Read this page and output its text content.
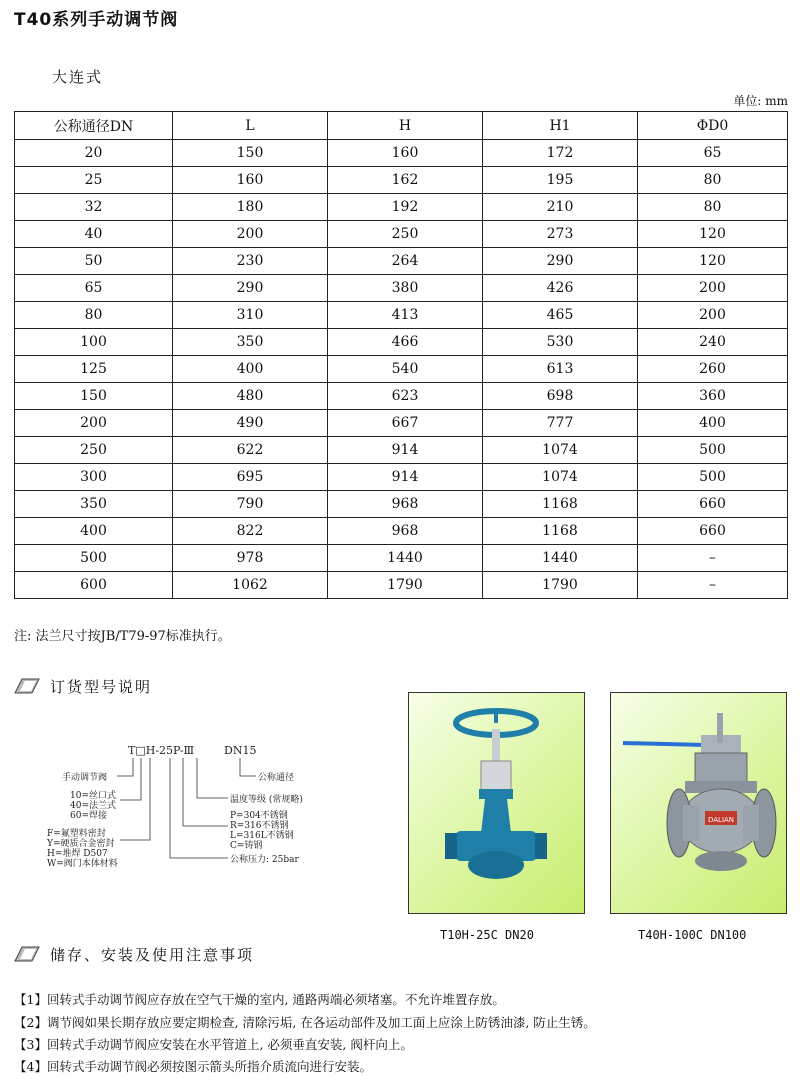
T40系列手动调节阀
大连式
单位: mm
公称通径DN	L	H	H1	ΦD0
20	150	160	172	65
25	160	162	195	80
32	180	192	210	80
40	200	250	273	120
50	230	264	290	120
65	290	380	426	200
80	310	413	465	200
100	350	466	530	240
125	400	540	613	260
150	480	623	698	360
200	490	667	777	400
250	622	914	1074	500
300	695	914	1074	500
350	790	968	1168	660
400	822	968	1168	660
500	978	1440	1440	–
600	1062	1790	1790	–
注: 法兰尺寸按JB/T79-97标准执行。
订货型号说明
T□H-25P-Ⅲ	DN15
手动调节阀
10=丝口式
40=法兰式
60=焊接
F=氟塑料密封
Y=硬质合金密封
H=堆焊 D507
W=阀门本体材料
公称通径
温度等级 (常规略)
P=304不锈钢
R=316不锈钢
L=316L不锈钢
C=铸钢
公称压力: 25bar
T10H-25C DN20
DALIAN
T40H-100C DN100
储存、安装及使用注意事项
【1】回转式手动调节阀应存放在空气干燥的室内, 通路两端必须堵塞。不允许堆置存放。
【2】调节阀如果长期存放应要定期检查, 清除污垢, 在各运动部件及加工面上应涂上防锈油漆, 防止生锈。
【3】回转式手动调节阀应安装在水平管道上, 必须垂直安装, 阀杆向上。
【4】回转式手动调节阀必须按图示箭头所指介质流向进行安装。
